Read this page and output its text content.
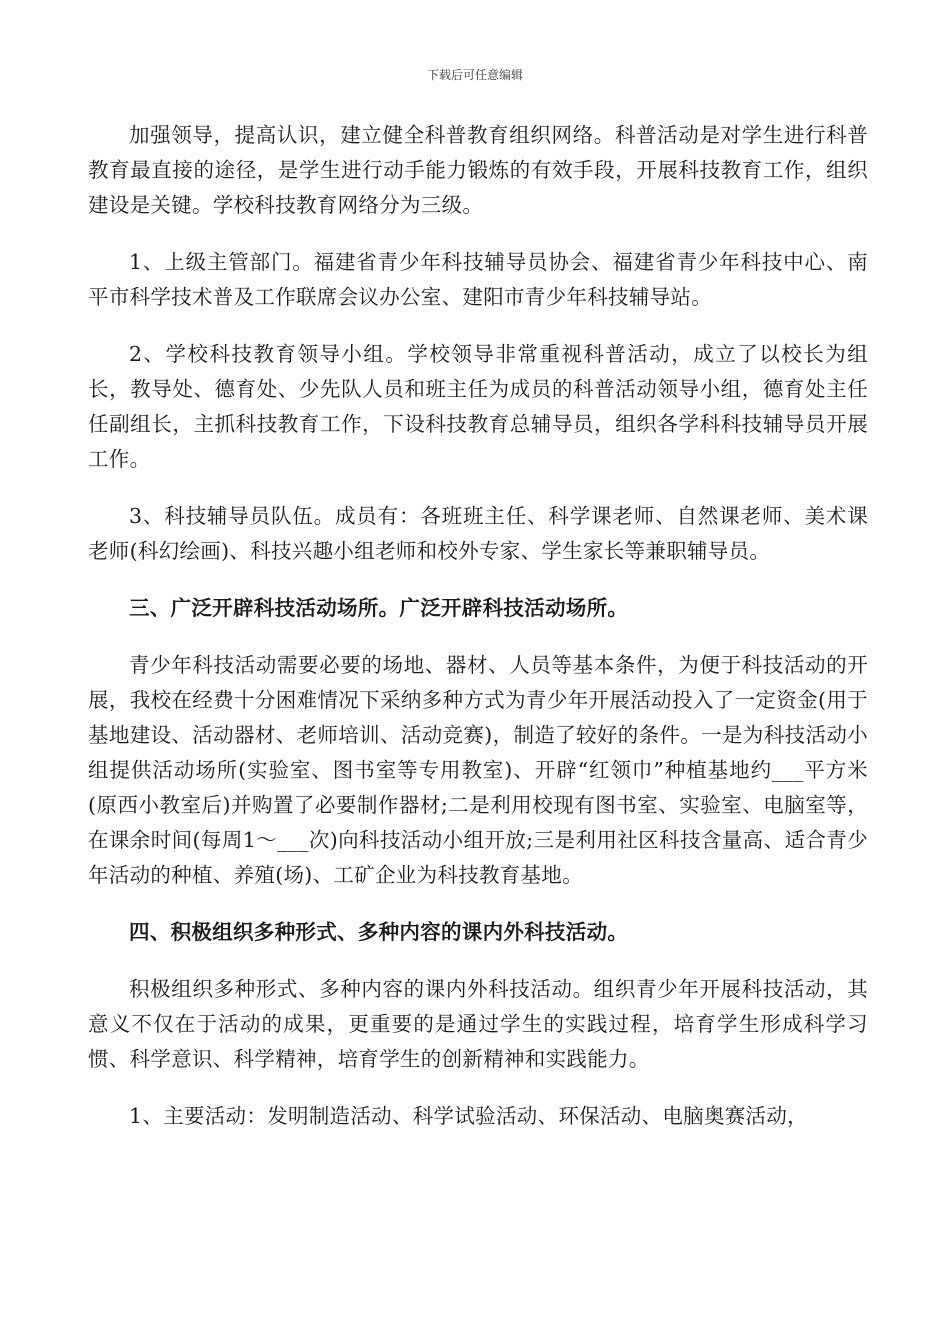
下载后可任意编辑

加强领导，提高认识，建立健全科普教育组织网络。科普活动是对学生进行科普教育最直接的途径，是学生进行动手能力锻炼的有效手段，开展科技教育工作，组织建设是关键。学校科技教育网络分为三级。

1、上级主管部门。福建省青少年科技辅导员协会、福建省青少年科技中心、南平市科学技术普及工作联席会议办公室、建阳市青少年科技辅导站。

2、学校科技教育领导小组。学校领导非常重视科普活动，成立了以校长为组长，教导处、德育处、少先队人员和班主任为成员的科普活动领导小组，德育处主任任副组长，主抓科技教育工作，下设科技教育总辅导员，组织各学科科技辅导员开展工作。

3、科技辅导员队伍。成员有：各班班主任、科学课老师、自然课老师、美术课老师(科幻绘画)、科技兴趣小组老师和校外专家、学生家长等兼职辅导员。

三、广泛开辟科技活动场所。广泛开辟科技活动场所。

青少年科技活动需要必要的场地、器材、人员等基本条件，为便于科技活动的开展，我校在经费十分困难情况下采纳多种方式为青少年开展活动投入了一定资金(用于基地建设、活动器材、老师培训、活动竞赛)，制造了较好的条件。一是为科技活动小组提供活动场所(实验室、图书室等专用教室)、开辟“红领巾”种植基地约___平方米(原西小教室后)并购置了必要制作器材;二是利用校现有图书室、实验室、电脑室等，在课余时间(每周1～___次)向科技活动小组开放;三是利用社区科技含量高、适合青少年活动的种植、养殖(场)、工矿企业为科技教育基地。

四、积极组织多种形式、多种内容的课内外科技活动。

积极组织多种形式、多种内容的课内外科技活动。组织青少年开展科技活动，其意义不仅在于活动的成果，更重要的是通过学生的实践过程，培育学生形成科学习惯、科学意识、科学精神，培育学生的创新精神和实践能力。

1、主要活动：发明制造活动、科学试验活动、环保活动、电脑奥赛活动，
